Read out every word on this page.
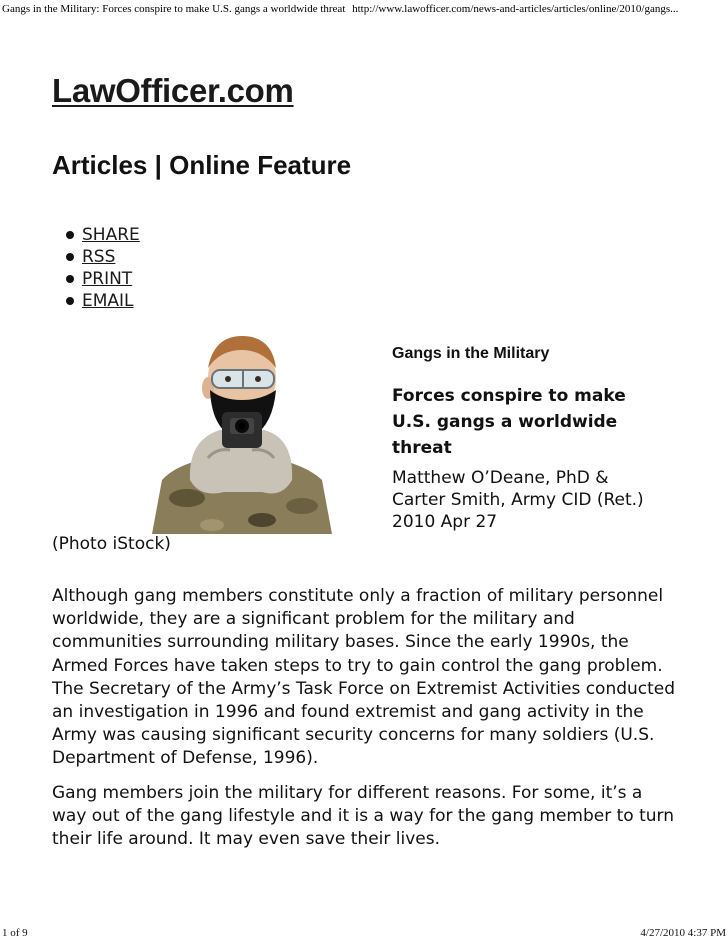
Gangs in the Military: Forces conspire to make U.S. gangs a worldwide threat http://www.lawofficer.com/news-and-articles/articles/online/2010/gangs...
LawOfficer.com
Articles | Online Feature
SHARE
RSS
PRINT
EMAIL
(Photo iStock)
Gangs in the Military
Forces conspire to make U.S. gangs a worldwide threat
Matthew O’Deane, PhD & Carter Smith, Army CID (Ret.)
2010 Apr 27

Although gang members constitute only a fraction of military personnel worldwide, they are a significant problem for the military and communities surrounding military bases. Since the early 1990s, the Armed Forces have taken steps to try to gain control the gang problem. The Secretary of the Army’s Task Force on Extremist Activities conducted an investigation in 1996 and found extremist and gang activity in the Army was causing significant security concerns for many soldiers (U.S. Department of Defense, 1996).

Gang members join the military for different reasons. For some, it’s a way out of the gang lifestyle and it is a way for the gang member to turn their life around. It may even save their lives.

1 of 9	4/27/2010 4:37 PM
